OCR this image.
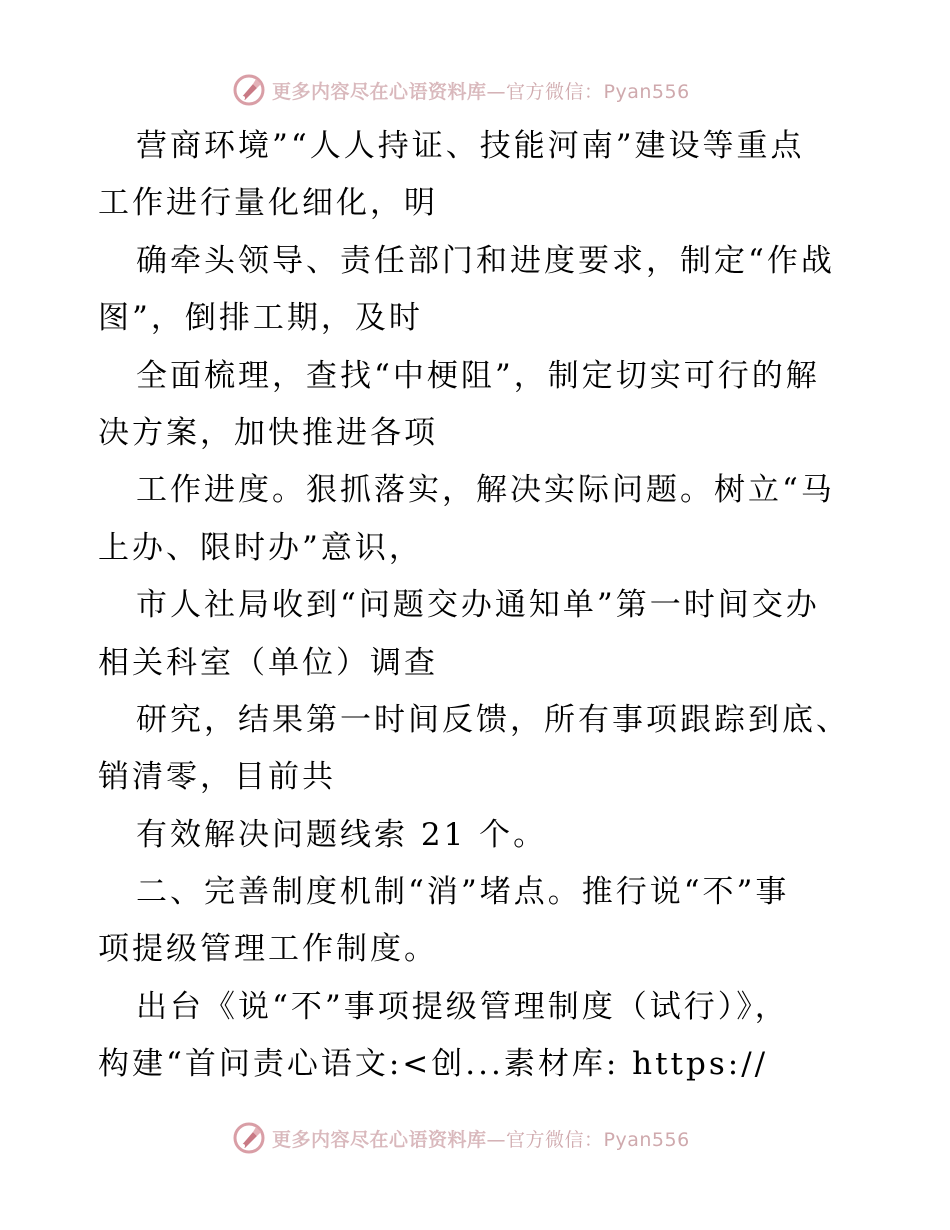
更多内容尽在心语资料库—官方微信：Pyan556
营商环境”“人人持证、技能河南”建设等重点
工作进行量化细化，明
确牵头领导、责任部门和进度要求，制定“作战
图”，倒排工期，及时
全面梳理，查找“中梗阻”，制定切实可行的解
决方案，加快推进各项
工作进度。狠抓落实，解决实际问题。树立“马
上办、限时办”意识，
市人社局收到“问题交办通知单”第一时间交办
相关科室（单位）调查
研究，结果第一时间反馈，所有事项跟踪到底、
销清零，目前共
有效解决问题线索 21 个。
二、完善制度机制“消”堵点。推行说“不”事
项提级管理工作制度。
出台《说“不”事项提级管理制度（试行）》，
构建“首问责心语文:<创...素材库: https://
更多内容尽在心语资料库—官方微信：Pyan556
